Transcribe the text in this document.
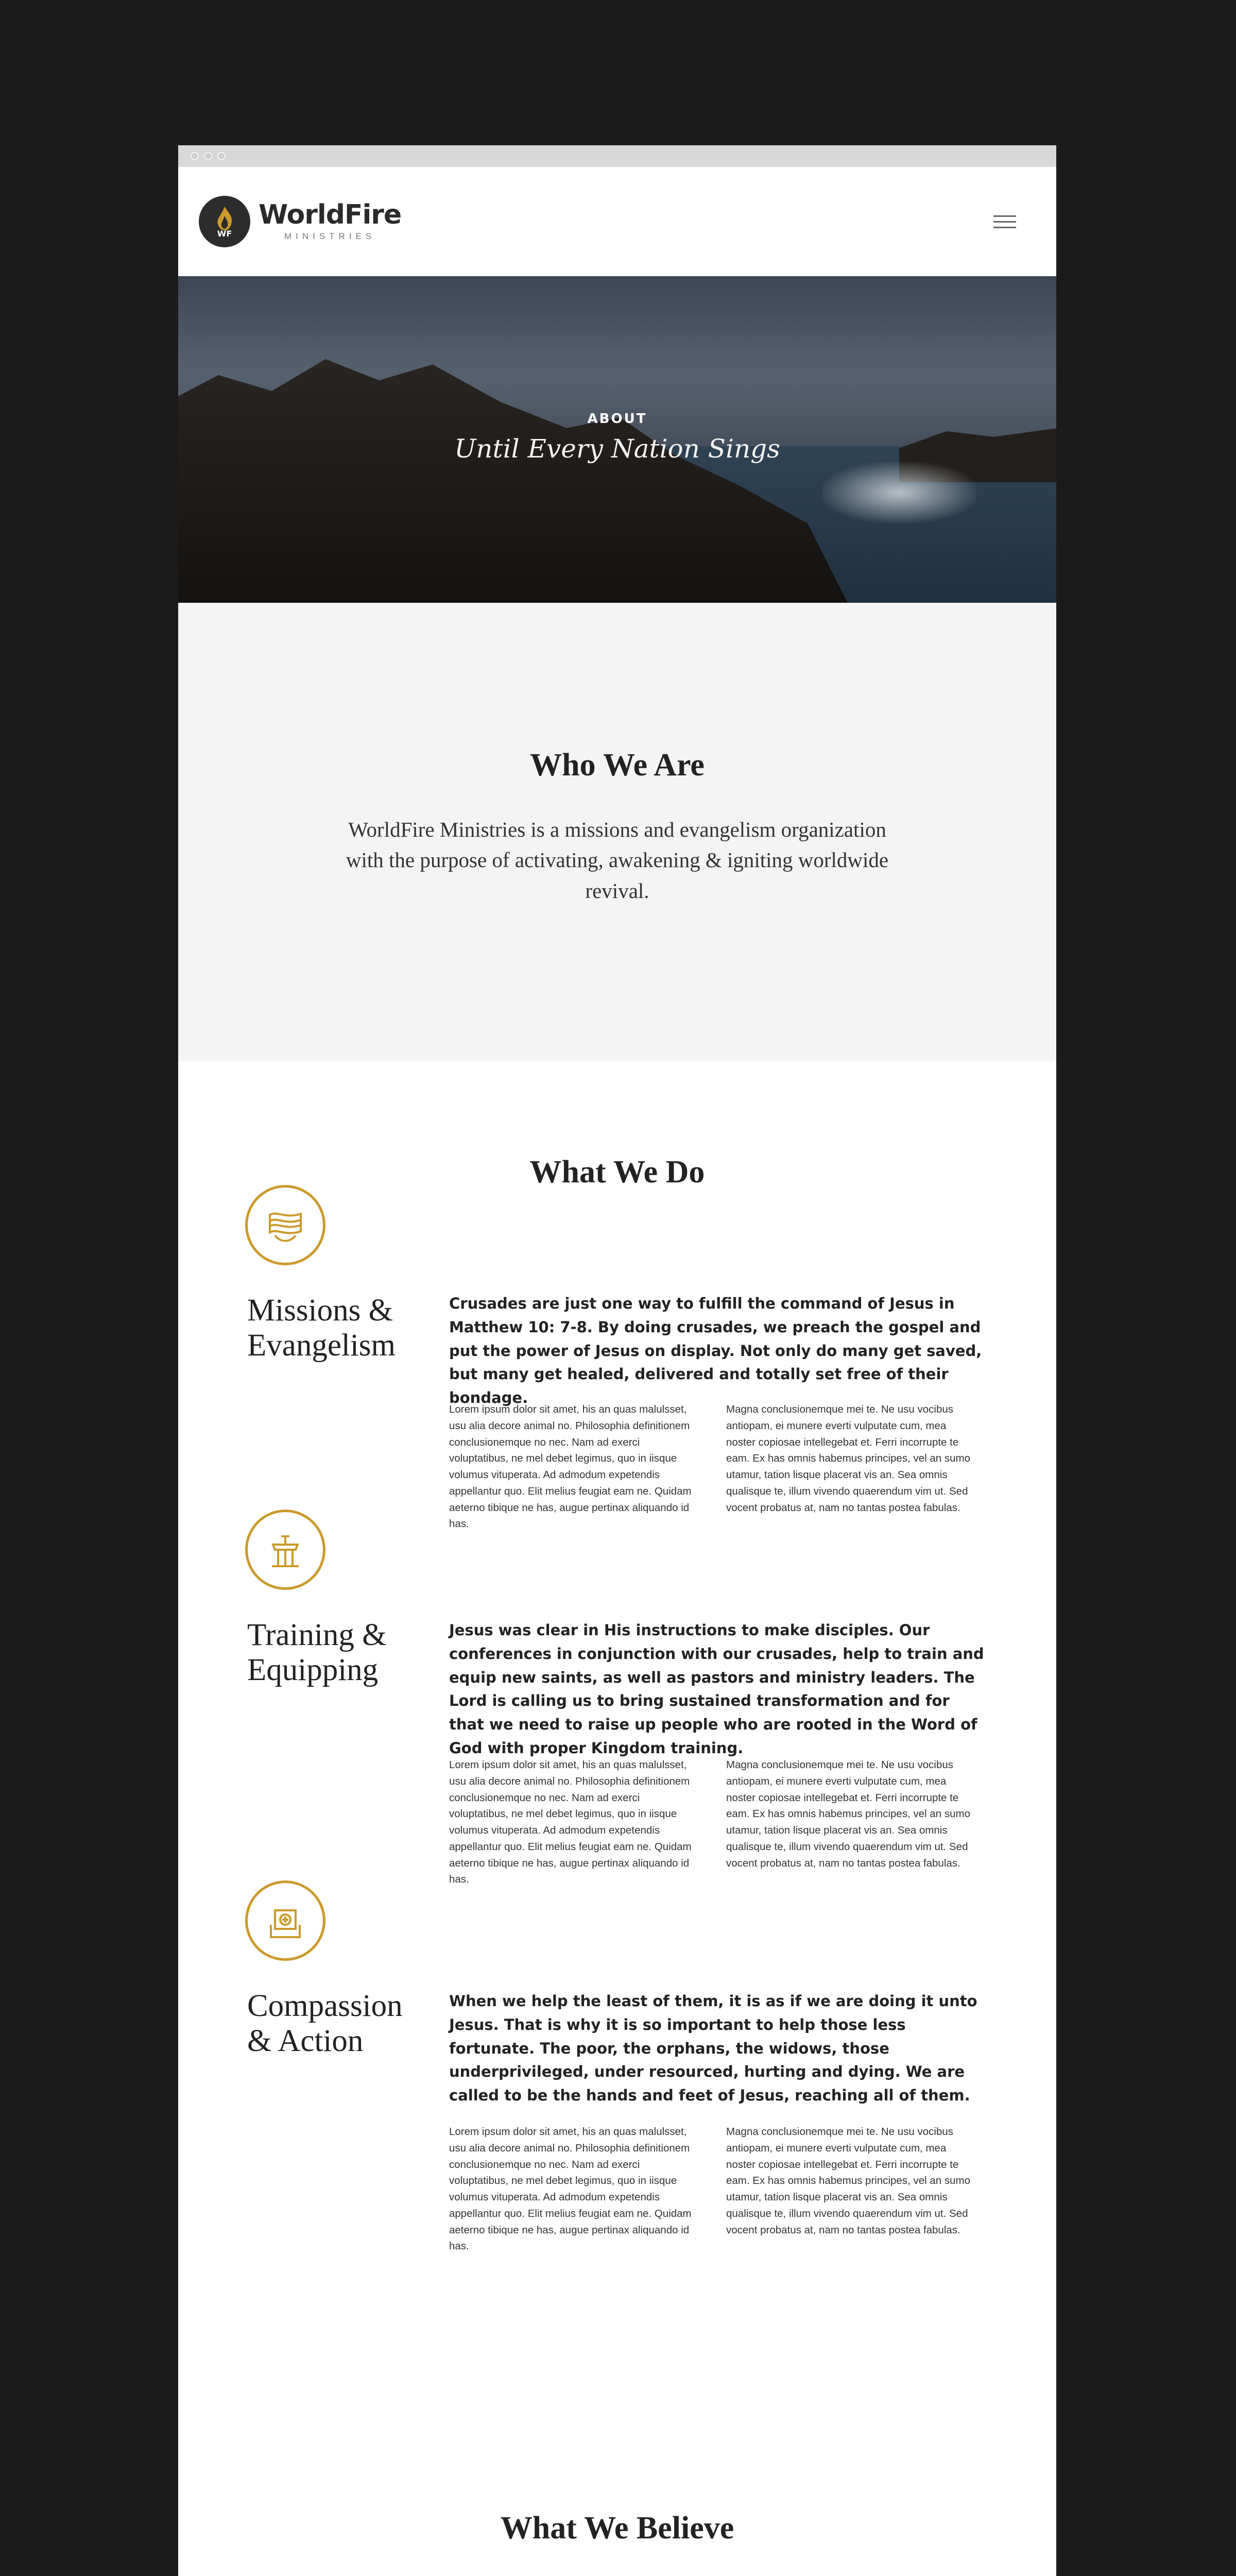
WF
WorldFire
MINISTRIES
ABOUT
Until Every Nation Sings
Who We Are

WorldFire Ministries is a missions and evangelism organization with the purpose of activating, awakening & igniting worldwide revival.

What We Do
Missions & Evangelism
Crusades are just one way to fulfill the command of Jesus in Matthew 10: 7-8. By doing crusades, we preach the gospel and put the power of Jesus on display. Not only do many get saved, but many get healed, delivered and totally set free of their bondage.
Lorem ipsum dolor sit amet, his an quas malulsset, usu alia decore animal no. Philosophia definitionem conclusionemque no nec. Nam ad exerci voluptatibus, ne mel debet legimus, quo in iisque volumus vituperata. Ad admodum expetendis appellantur quo. Elit melius feugiat eam ne. Quidam aeterno tibique ne has, augue pertinax aliquando id has.
Magna conclusionemque mei te. Ne usu vocibus antiopam, ei munere everti vulputate cum, mea noster copiosae intellegebat et. Ferri incorrupte te eam. Ex has omnis habemus principes, vel an sumo utamur, tation lisque placerat vis an. Sea omnis qualisque te, illum vivendo quaerendum vim ut. Sed vocent probatus at, nam no tantas postea fabulas.
Training & Equipping
Jesus was clear in His instructions to make disciples. Our conferences in conjunction with our crusades, help to train and equip new saints, as well as pastors and ministry leaders. The Lord is calling us to bring sustained transformation and for that we need to raise up people who are rooted in the Word of God with proper Kingdom training.
Lorem ipsum dolor sit amet, his an quas malulsset, usu alia decore animal no. Philosophia definitionem conclusionemque no nec. Nam ad exerci voluptatibus, ne mel debet legimus, quo in iisque volumus vituperata. Ad admodum expetendis appellantur quo. Elit melius feugiat eam ne. Quidam aeterno tibique ne has, augue pertinax aliquando id has.
Magna conclusionemque mei te. Ne usu vocibus antiopam, ei munere everti vulputate cum, mea noster copiosae intellegebat et. Ferri incorrupte te eam. Ex has omnis habemus principes, vel an sumo utamur, tation lisque placerat vis an. Sea omnis qualisque te, illum vivendo quaerendum vim ut. Sed vocent probatus at, nam no tantas postea fabulas.
Compassion & Action
When we help the least of them, it is as if we are doing it unto Jesus. That is why it is so important to help those less fortunate. The poor, the orphans, the widows, those underprivileged, under resourced, hurting and dying. We are called to be the hands and feet of Jesus, reaching all of them.
Lorem ipsum dolor sit amet, his an quas malulsset, usu alia decore animal no. Philosophia definitionem conclusionemque no nec. Nam ad exerci voluptatibus, ne mel debet legimus, quo in iisque volumus vituperata. Ad admodum expetendis appellantur quo. Elit melius feugiat eam ne. Quidam aeterno tibique ne has, augue pertinax aliquando id has.
Magna conclusionemque mei te. Ne usu vocibus antiopam, ei munere everti vulputate cum, mea noster copiosae intellegebat et. Ferri incorrupte te eam. Ex has omnis habemus principes, vel an sumo utamur, tation lisque placerat vis an. Sea omnis qualisque te, illum vivendo quaerendum vim ut. Sed vocent probatus at, nam no tantas postea fabulas.
What We Believe
